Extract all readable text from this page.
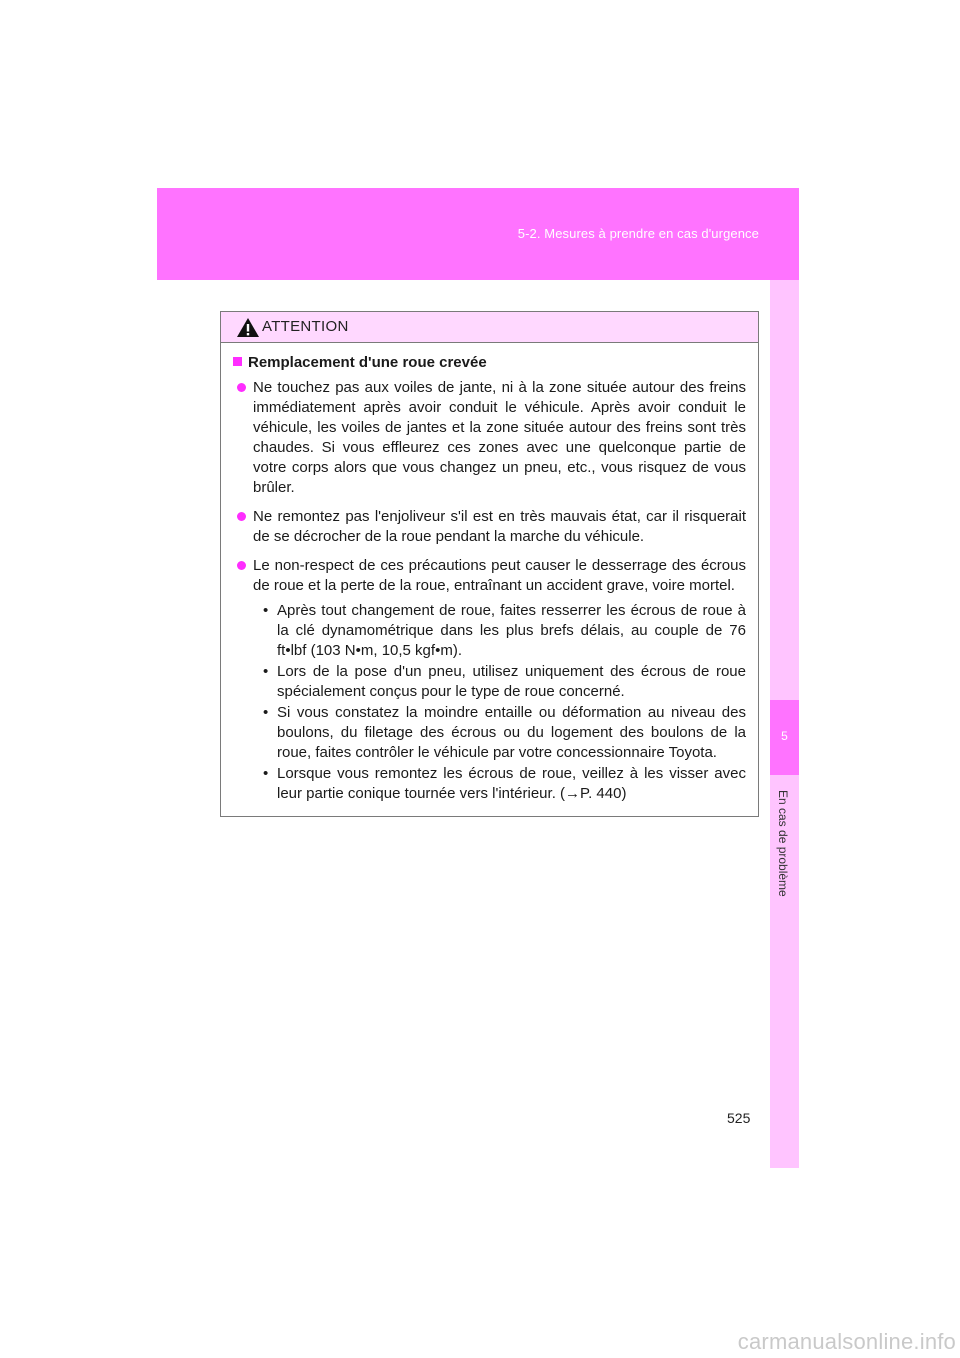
5-2. Mesures à prendre en cas d'urgence
5
En cas de problème
ATTENTION
Remplacement d'une roue crevée
Ne touchez pas aux voiles de jante, ni à la zone située autour des freins immédiatement après avoir conduit le véhicule. Après avoir conduit le véhicule, les voiles de jantes et la zone située autour des freins sont très chaudes. Si vous effleurez ces zones avec une quelconque partie de votre corps alors que vous changez un pneu, etc., vous risquez de vous brûler.
Ne remontez pas l'enjoliveur s'il est en très mauvais état, car il risquerait de se décrocher de la roue pendant la marche du véhicule.
Le non-respect de ces précautions peut causer le desserrage des écrous de roue et la perte de la roue, entraînant un accident grave, voire mortel.
• Après tout changement de roue, faites resserrer les écrous de roue à la clé dynamométrique dans les plus brefs délais, au couple de 76 ft•lbf (103 N•m, 10,5 kgf•m).
• Lors de la pose d'un pneu, utilisez uniquement des écrous de roue spécialement conçus pour le type de roue concerné.
• Si vous constatez la moindre entaille ou déformation au niveau des boulons, du filetage des écrous ou du logement des boulons de la roue, faites contrôler le véhicule par votre concessionnaire Toyota.
• Lorsque vous remontez les écrous de roue, veillez à les visser avec leur partie conique tournée vers l'intérieur. (→P. 440)
525
carmanualsonline.info
